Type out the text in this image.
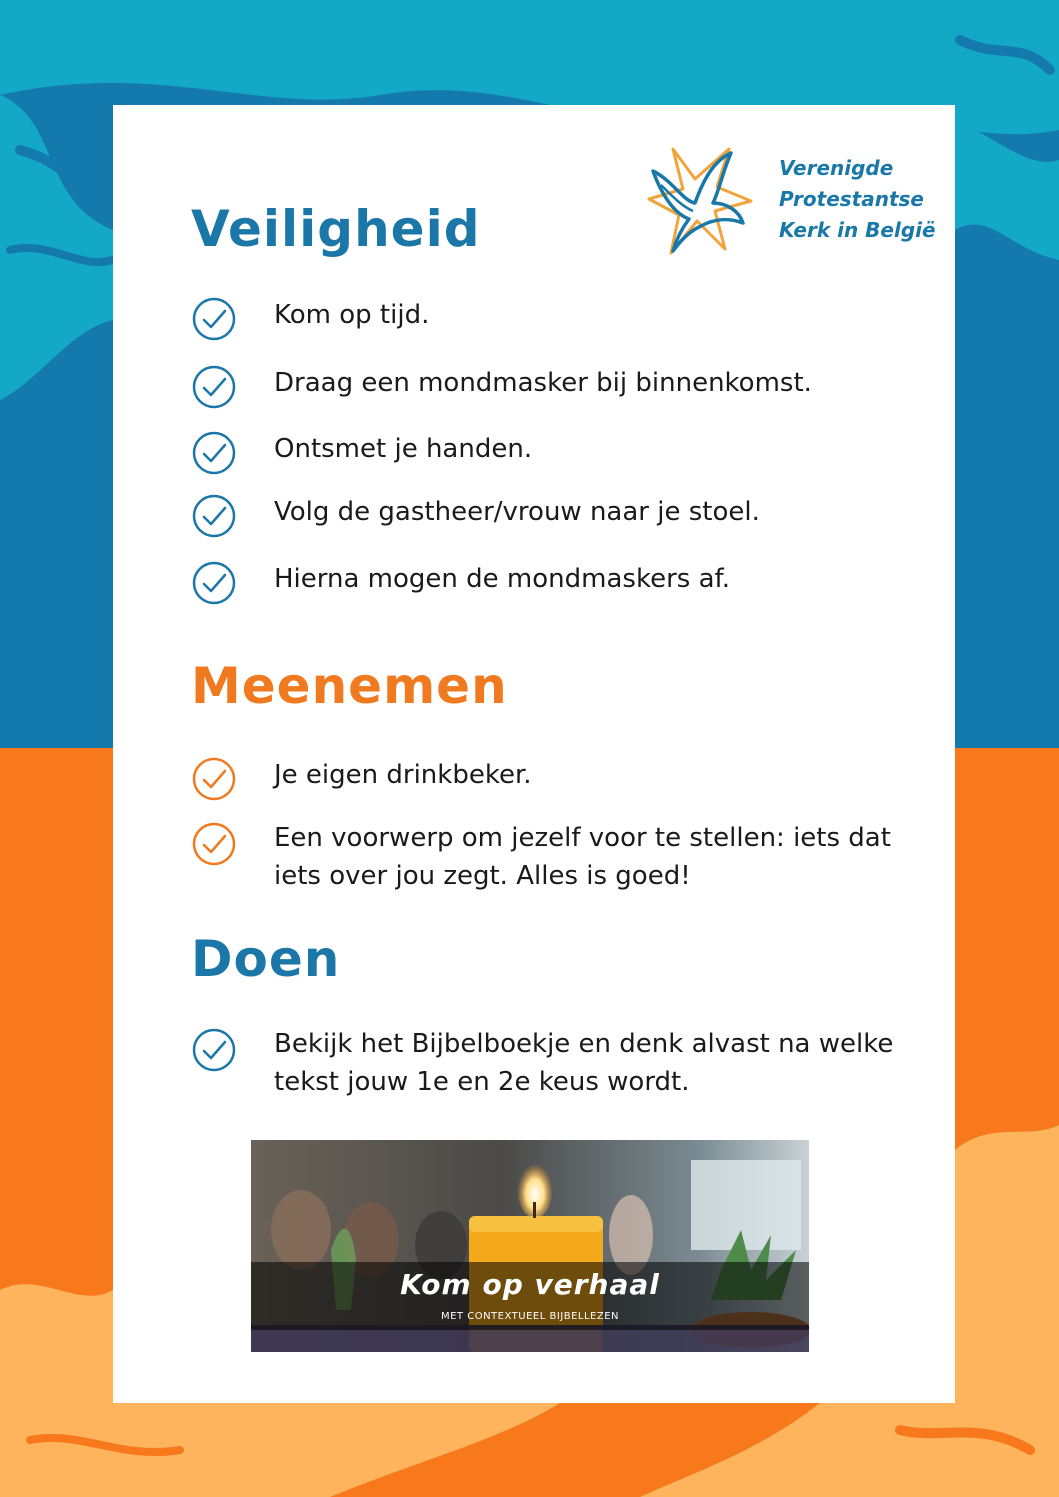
Verenigde
Protestantse
Kerk in België
Veiligheid
Kom op tijd.
Draag een mondmasker bij binnenkomst.
Ontsmet je handen.
Volg de gastheer/vrouw naar je stoel.
Hierna mogen de mondmaskers af.
Meenemen
Je eigen drinkbeker.
Een voorwerp om jezelf voor te stellen: iets dat iets over jou zegt. Alles is goed!
Doen
Bekijk het Bijbelboekje en denk alvast na welke tekst jouw 1e en 2e keus wordt.
Kom op verhaal
MET CONTEXTUEEL BIJBELLEZEN
